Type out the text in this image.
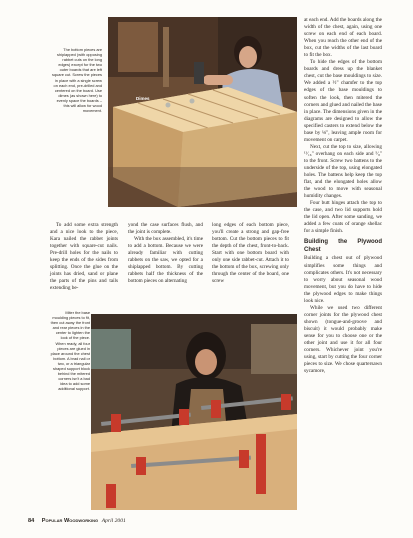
The bottom pieces are shiplapped (with opposing rabbet cuts on the long edges) except for the two outer boards that are left square cut. Screw the pieces in place with a single screw on each end, pre-drilled and centered on the board. Use dimes (as shown here) to evenly space the boards – this will allow for wood movement.
Miter the base moulding pieces to fit, then cut away the front and rear pieces in the center to lighten the look of the piece. When ready, all four pieces are glued in place around the chest bottom. A brad nail or two, or a triangular shaped support block behind the mitered corners isn't a bad idea to add some additional support.
Dimes

To add some extra strength and a nice look to the piece, Kara nailed the rabbet joints together with square-cut nails. Pre-drill holes for the nails to keep the ends of the sides from splitting. Once the glue on the joints has dried, sand or plane the parts of the pins and tails extending be-

yond the case surfaces flush, and the joint is complete.

With the box assembled, it's time to add a bottom. Because we were already familiar with cutting rabbets on the saw, we opted for a shiplapped bottom. By cutting rabbets half the thickness of the bottom pieces on alternating

long edges of each bottom piece, you'll create a strong and gap-free bottom. Cut the bottom pieces to fit the depth of the chest, front-to-back. Start with one bottom board with only one side rabbet-cut. Attach it to the bottom of the box, screwing only through the center of the board, one screw

at each end. Add the boards along the width of the chest, again, using one screw on each end of each board. When you reach the other end of the box, cut the widths of the last board to fit the box.

To hide the edges of the bottom boards and dress up the blanket chest, cut the base mouldings to size. We added a ½" chamfer to the top edges of the base mouldings to soften the look, then mitered the corners and glued and nailed the base in place. The dimensions given in the diagrams are designed to allow the specified casters to extend below the base by ⅛", leaving ample room for movement on carpet.

Next, cut the top to size, allowing ¹¹⁄₁₆" overhang on each side and ⁵⁄₈" to the front. Screw two battens to the underside of the top, using elongated holes. The battens help keep the top flat, and the elongated holes allow the wood to move with seasonal humidity changes.

Four butt hinges attach the top to the case, and two lid supports hold the lid open. After some sanding, we added a few coats of orange shellac for a simple finish.

Building the Plywood Chest

Building a chest out of plywood simplifies some things and complicates others. It's not necessary to worry about seasonal wood movement, but you do have to hide the plywood edges to make things look nice.

While we used two different corner joints for the plywood chest shown (tongue-and-groove and biscuit) it would probably make sense for you to choose one or the other joint and use it for all four corners. Whichever joint you're using, start by cutting the four corner pieces to size. We chose quartersawn sycamore,

84 Popular Woodworking April 2001
